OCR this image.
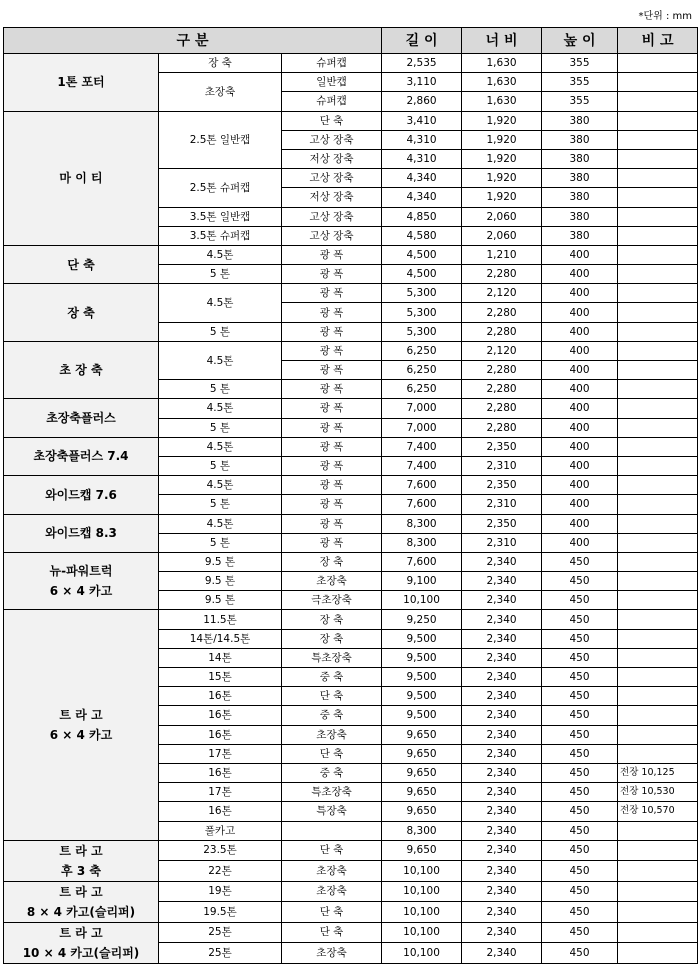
*단위 : mm
구 분			길 이	너 비	높 이	비 고
1톤 포터	장 축	슈퍼캡	2,535	1,630	355	
	초장축	일반캡	3,110	1,630	355	
		슈퍼캡	2,860	1,630	355	
마 이 티	2.5톤 일반캡	단 축	3,410	1,920	380	
		고상 장축	4,310	1,920	380	
		저상 장축	4,310	1,920	380	
	2.5톤 슈퍼캡	고상 장축	4,340	1,920	380	
		저상 장축	4,340	1,920	380	
	3.5톤 일반캡	고상 장축	4,850	2,060	380	
	3.5톤 슈퍼캡	고상 장축	4,580	2,060	380	
단 축	4.5톤	광 폭	4,500	1,210	400	
	5 톤	광 폭	4,500	2,280	400	
장 축	4.5톤	광 폭	5,300	2,120	400	
		광 폭	5,300	2,280	400	
	5 톤	광 폭	5,300	2,280	400	
초 장 축	4.5톤	광 폭	6,250	2,120	400	
		광 폭	6,250	2,280	400	
	5 톤	광 폭	6,250	2,280	400	
초장축플러스	4.5톤	광 폭	7,000	2,280	400	
	5 톤	광 폭	7,000	2,280	400	
초장축플러스 7.4	4.5톤	광 폭	7,400	2,350	400	
	5 톤	광 폭	7,400	2,310	400	
와이드캡 7.6	4.5톤	광 폭	7,600	2,350	400	
	5 톤	광 폭	7,600	2,310	400	
와이드캡 8.3	4.5톤	광 폭	8,300	2,350	400	
	5 톤	광 폭	8,300	2,310	400	
뉴-파워트럭
6 × 4 카고	9.5 톤	장 축	7,600	2,340	450	
	9.5 톤	초장축	9,100	2,340	450	
	9.5 톤	극초장축	10,100	2,340	450	
트 라 고
6 × 4 카고	11.5톤	장 축	9,250	2,340	450	
	14톤/14.5톤	장 축	9,500	2,340	450	
	14톤	특초장축	9,500	2,340	450	
	15톤	중 축	9,500	2,340	450	
	16톤	단 축	9,500	2,340	450	
	16톤	중 축	9,500	2,340	450	
	16톤	초장축	9,650	2,340	450	
	17톤	단 축	9,650	2,340	450	
	16톤	중 축	9,650	2,340	450	전장 10,125
	17톤	특초장축	9,650	2,340	450	전장 10,530
	16톤	특장축	9,650	2,340	450	전장 10,570
	풀카고		8,300	2,340	450	
트 라 고
후 3 축	23.5톤	단 축	9,650	2,340	450	
	22톤	초장축	10,100	2,340	450	
트 라 고
8 × 4 카고(슬리퍼)	19톤	초장축	10,100	2,340	450	
	19.5톤	단 축	10,100	2,340	450	
트 라 고
10 × 4 카고(슬리퍼)	25톤	단 축	10,100	2,340	450	
	25톤	초장축	10,100	2,340	450	
